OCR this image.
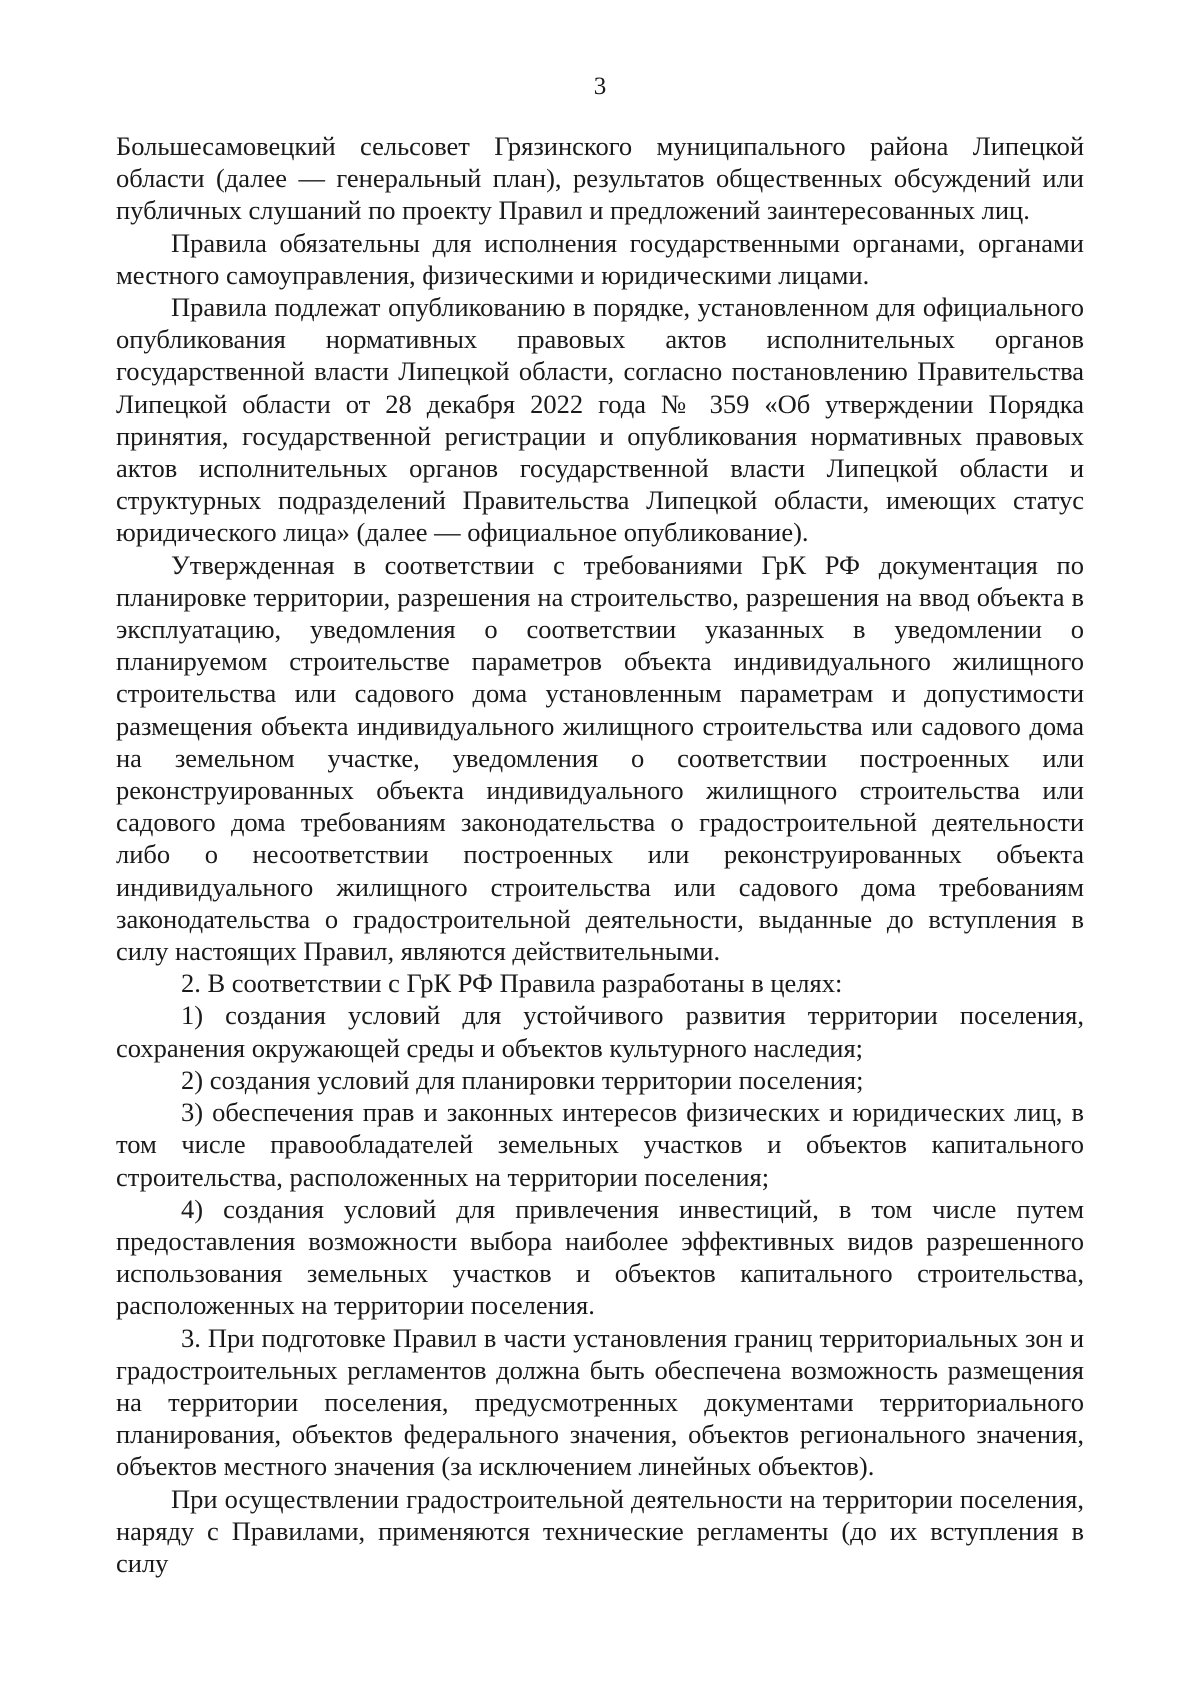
3

Большесамовецкий сельсовет Грязинского муниципального района Липецкой области (далее — генеральный план), результатов общественных обсуждений или публичных слушаний по проекту Правил и предложений заинтересованных лиц.

Правила обязательны для исполнения государственными органами, органами местного самоуправления, физическими и юридическими лицами.

Правила подлежат опубликованию в порядке, установленном для официального опубликования нормативных правовых актов исполнительных органов государственной власти Липецкой области, согласно постановлению Правительства Липецкой области от 28 декабря 2022 года № 359 «Об утверждении Порядка принятия, государственной регистрации и опубликования нормативных правовых актов исполнительных органов государственной власти Липецкой области и структурных подразделений Правительства Липецкой области, имеющих статус юридического лица» (далее — официальное опубликование).

Утвержденная в соответствии с требованиями ГрК РФ документация по планировке территории, разрешения на строительство, разрешения на ввод объекта в эксплуатацию, уведомления о соответствии указанных в уведомлении о планируемом строительстве параметров объекта индивидуального жилищного строительства или садового дома установленным параметрам и допустимости размещения объекта индивидуального жилищного строительства или садового дома на земельном участке, уведомления о соответствии построенных или реконструированных объекта индивидуального жилищного строительства или садового дома требованиям законодательства о градостроительной деятельности либо о несоответствии построенных или реконструированных объекта индивидуального жилищного строительства или садового дома требованиям законодательства о градостроительной деятельности, выданные до вступления в силу настоящих Правил, являются действительными.

2. В соответствии с ГрК РФ Правила разработаны в целях:

1) создания условий для устойчивого развития территории поселения, сохранения окружающей среды и объектов культурного наследия;

2) создания условий для планировки территории поселения;

3) обеспечения прав и законных интересов физических и юридических лиц, в том числе правообладателей земельных участков и объектов капитального строительства, расположенных на территории поселения;

4) создания условий для привлечения инвестиций, в том числе путем предоставления возможности выбора наиболее эффективных видов разрешенного использования земельных участков и объектов капитального строительства, расположенных на территории поселения.

3. При подготовке Правил в части установления границ территориальных зон и градостроительных регламентов должна быть обеспечена возможность размещения на территории поселения, предусмотренных документами территориального планирования, объектов федерального значения, объектов регионального значения, объектов местного значения (за исключением линейных объектов).

При осуществлении градостроительной деятельности на территории поселения, наряду с Правилами, применяются технические регламенты (до их вступления в силу
